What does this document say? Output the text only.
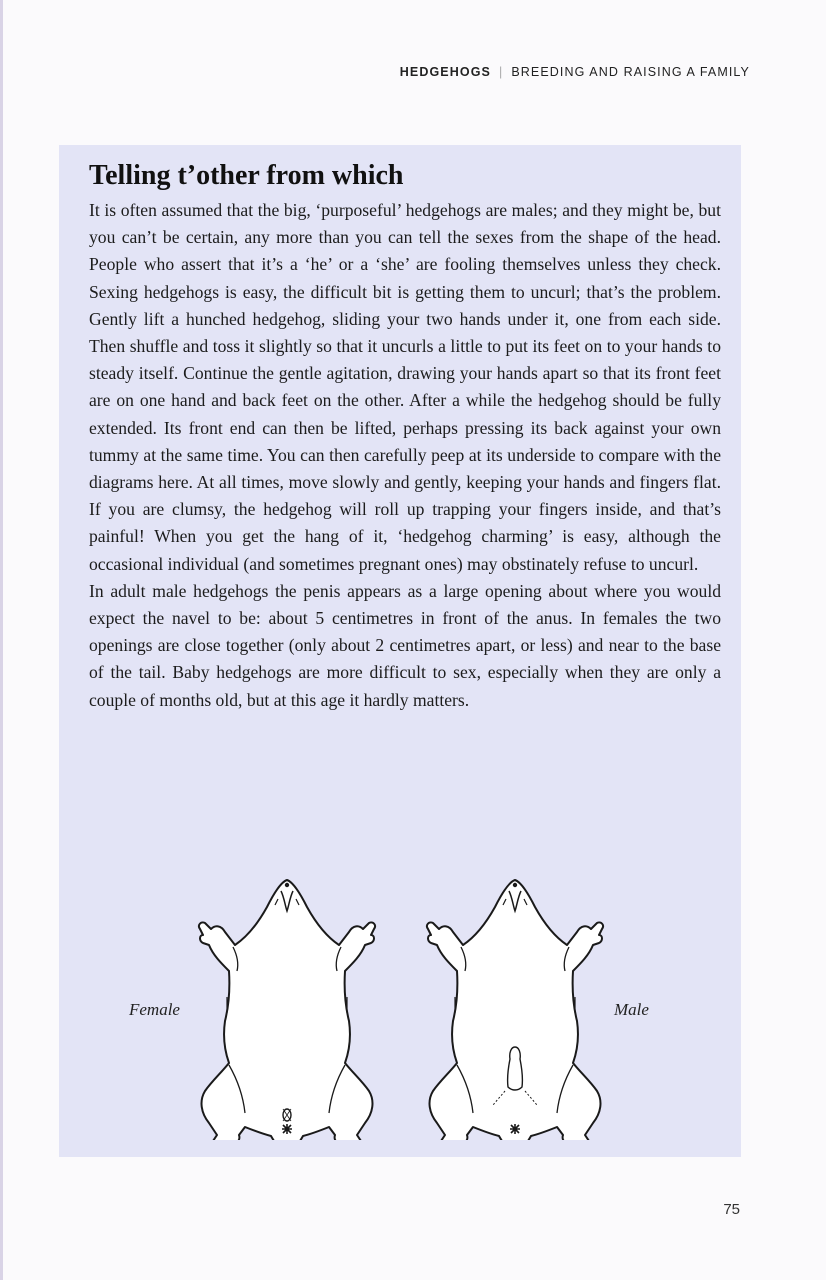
HEDGEHOGS | BREEDING AND RAISING A FAMILY
Telling t’other from which

It is often assumed that the big, ‘purposeful’ hedgehogs are males; and they might be, but you can’t be certain, any more than you can tell the sexes from the shape of the head. People who assert that it’s a ‘he’ or a ‘she’ are fooling themselves unless they check. Sexing hedgehogs is easy, the difficult bit is getting them to uncurl; that’s the problem. Gently lift a hunched hedgehog, sliding your two hands under it, one from each side. Then shuffle and toss it slightly so that it uncurls a little to put its feet on to your hands to steady itself. Continue the gentle agitation, drawing your hands apart so that its front feet are on one hand and back feet on the other. After a while the hedgehog should be fully extended. Its front end can then be lifted, perhaps pressing its back against your own tummy at the same time. You can then carefully peep at its underside to compare with the diagrams here. At all times, move slowly and gently, keeping your hands and fingers flat. If you are clumsy, the hedgehog will roll up trapping your fingers inside, and that’s painful! When you get the hang of it, ‘hedgehog charming’ is easy, although the occasional individual (and sometimes pregnant ones) may obstinately refuse to uncurl.

In adult male hedgehogs the penis appears as a large opening about where you would expect the navel to be: about 5 centimetres in front of the anus. In females the two openings are close together (only about 2 centimetres apart, or less) and near to the base of the tail. Baby hedgehogs are more difficult to sex, especially when they are only a couple of months old, but at this age it hardly matters.

Female	Male
75
